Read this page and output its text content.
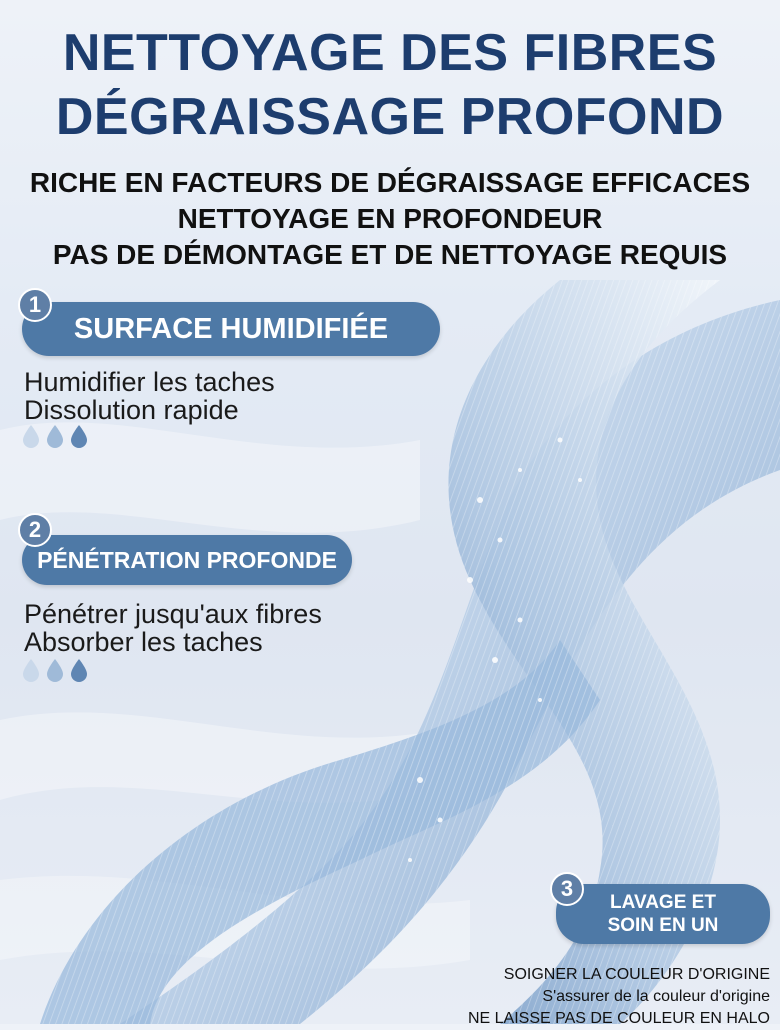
NETTOYAGE DES FIBRES
DÉGRAISSAGE PROFOND
RICHE EN FACTEURS DE DÉGRAISSAGE EFFICACES
NETTOYAGE EN PROFONDEUR
PAS DE DÉMONTAGE ET DE NETTOYAGE REQUIS
SURFACE HUMIDIFIÉE
1
Humidifier les taches
Dissolution rapide
PÉNÉTRATION PROFONDE
2
Pénétrer jusqu'aux fibres
Absorber les taches
LAVAGE ET
SOIN EN UN
3
SOIGNER LA COULEUR D'ORIGINE
S'assurer de la couleur d'origine
NE LAISSE PAS DE COULEUR EN HALO
